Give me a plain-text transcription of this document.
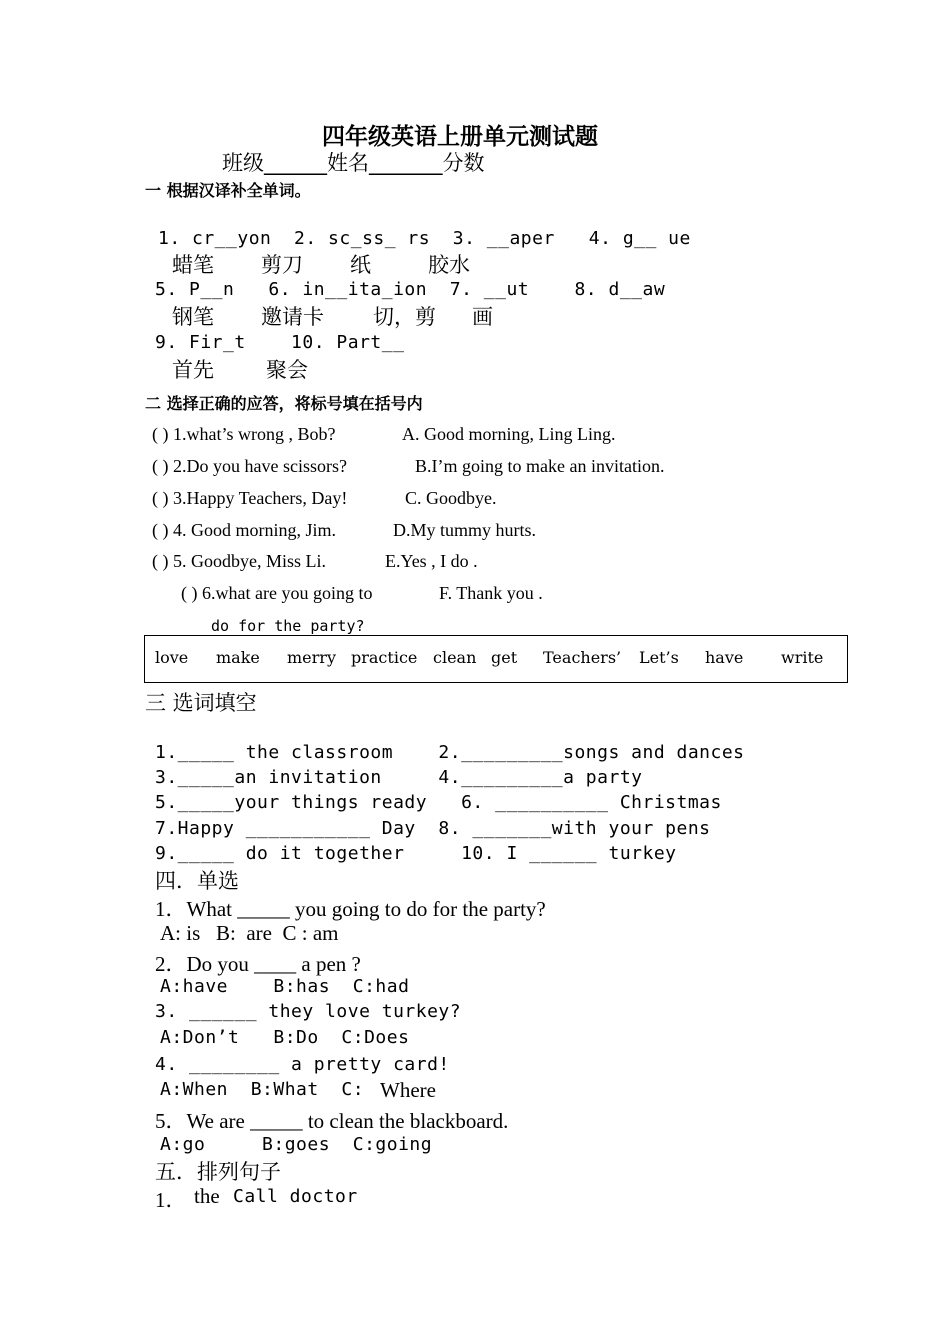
四年级英语上册单元测试题
班级______姓名_______分数
一 根据汉译补全单词。
1. cr__yon  2. sc_ss_ rs  3. __aper   4. g__ ue
蜡笔 剪刀 纸	胶水
5. P__n   6. in__ita_ion  7. __ut    8. d__aw
钢笔 邀请卡 切，剪 画
9. Fir_t    10. Part__
首先 聚会
二 选择正确的应答，将标号填在括号内
( ) 1.what’s wrong , Bob?	A. Good morning, Ling Ling.
( ) 2.Do you have scissors?	B.I’m going to make an invitation.
( ) 3.Happy Teachers, Day!	C. Goodbye.
( ) 4. Good morning, Jim.	D.My tummy hurts.
( ) 5. Goodbye, Miss Li.	E.Yes , I do .
( ) 6.what are you going to	F. Thank you .
do for the party?
love make merry practice clean get Teachers’ Let’s have write
三 选词填空
1._____ the classroom    2._________songs and dances
3._____an invitation     4._________a party
5._____your things ready   6. __________ Christmas
7.Happy ___________ Day  8. _______with your pens
9._____ do it together     10. I ______ turkey
四．单选
1．What _____ you going to do for the party?
A: is   B:  are  C : am
2．Do you ____ a pen ?
A:have    B:has  C:had
3. ______ they love turkey?
A:Don’t   B:Do  C:Does
4. ________ a pretty card!
A:When  B:What  C: Where
5．We are _____ to clean the blackboard.
A:go     B:goes  C:going
五．排列句子
1． the Call doctor
